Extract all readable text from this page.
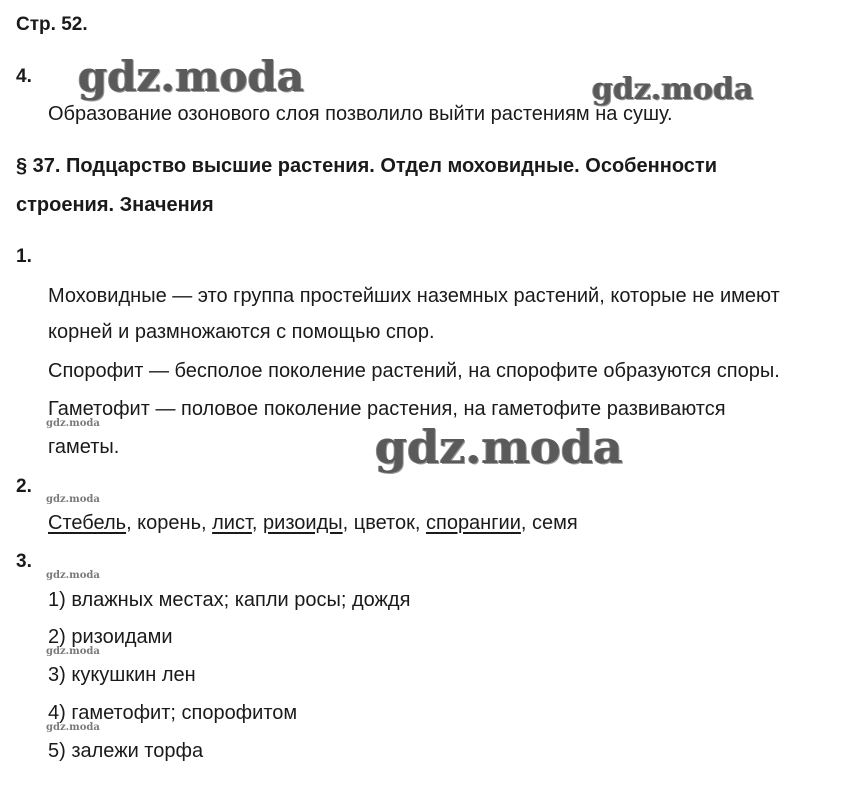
Стр. 52.
4. gdz.moda	gdz.moda
Образование озонового слоя позволило выйти растениям на сушу.
§ 37. Подцарство высшие растения. Отдел моховидные. Особенности
строения. Значения
1.
Моховидные — это группа простейших наземных растений, которые не имеют
корней и размножаются с помощью спор.
Спорофит — бесполое поколение растений, на спорофите образуются споры.
Гаметофит — половое поколение растения, на гаметофите развиваются
gdz.moda
гаметы.	gdz.moda
2.
gdz.moda
Стебель, корень, лист, ризоиды, цветок, спорангии, семя
3.
gdz.moda
1) влажных местах; капли росы; дождя
2) ризоидами
gdz.moda
3) кукушкин лен
4) гаметофит; спорофитом
gdz.moda
5) залежи торфа
